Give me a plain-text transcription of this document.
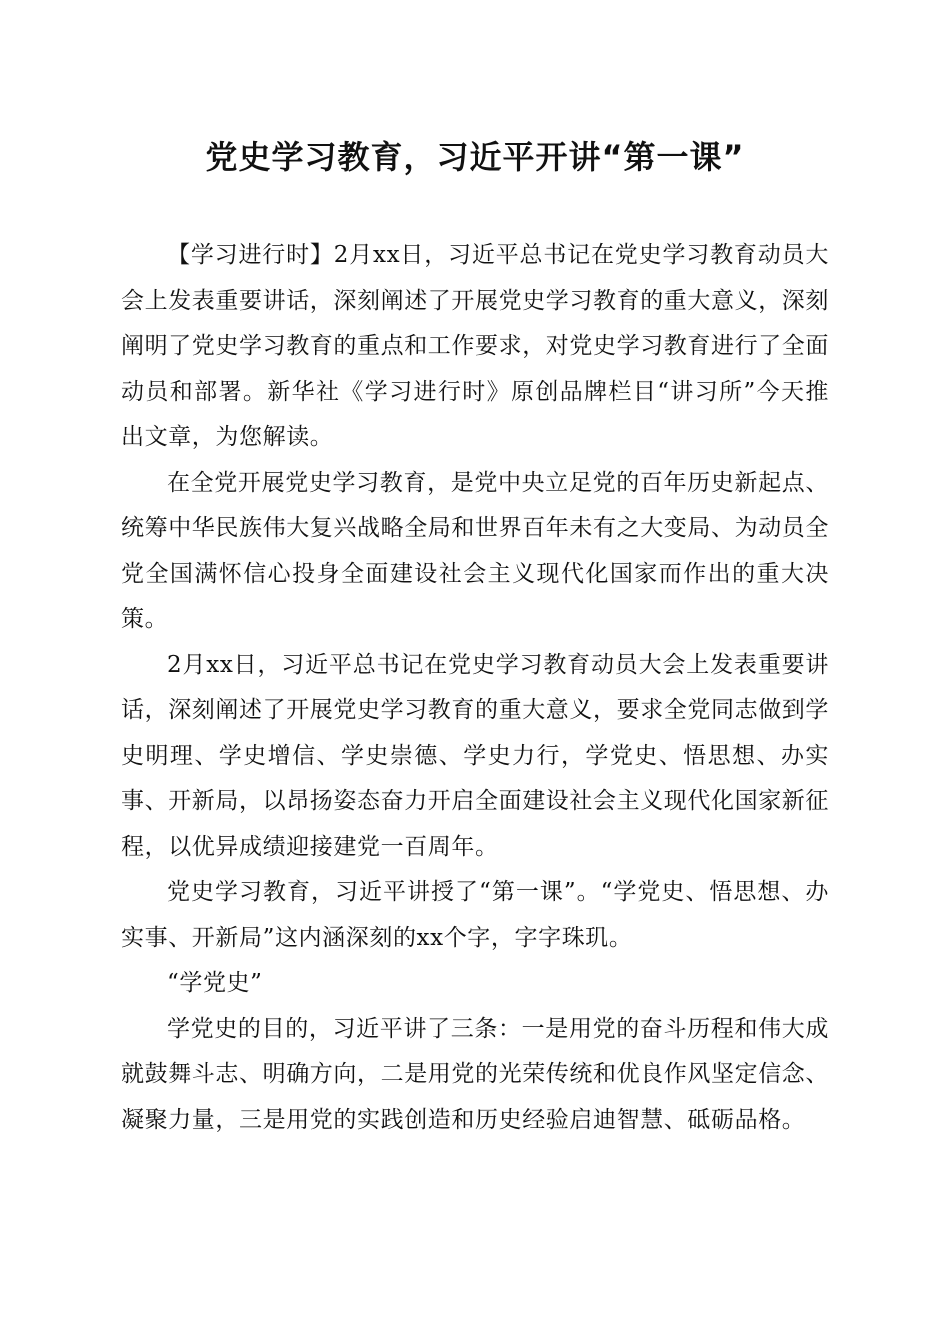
党史学习教育，习近平开讲“第一课”

【学习进行时】2月xx日，习近平总书记在党史学习教育动员大会上发表重要讲话，深刻阐述了开展党史学习教育的重大意义，深刻阐明了党史学习教育的重点和工作要求，对党史学习教育进行了全面动员和部署。新华社《学习进行时》原创品牌栏目“讲习所”今天推出文章，为您解读。

在全党开展党史学习教育，是党中央立足党的百年历史新起点、统筹中华民族伟大复兴战略全局和世界百年未有之大变局、为动员全党全国满怀信心投身全面建设社会主义现代化国家而作出的重大决策。

2月xx日，习近平总书记在党史学习教育动员大会上发表重要讲话，深刻阐述了开展党史学习教育的重大意义，要求全党同志做到学史明理、学史增信、学史崇德、学史力行，学党史、悟思想、办实事、开新局，以昂扬姿态奋力开启全面建设社会主义现代化国家新征程，以优异成绩迎接建党一百周年。

党史学习教育，习近平讲授了“第一课”。“学党史、悟思想、办实事、开新局”这内涵深刻的xx个字，字字珠玑。

“学党史”

学党史的目的，习近平讲了三条：一是用党的奋斗历程和伟大成就鼓舞斗志、明确方向，二是用党的光荣传统和优良作风坚定信念、凝聚力量，三是用党的实践创造和历史经验启迪智慧、砥砺品格。
